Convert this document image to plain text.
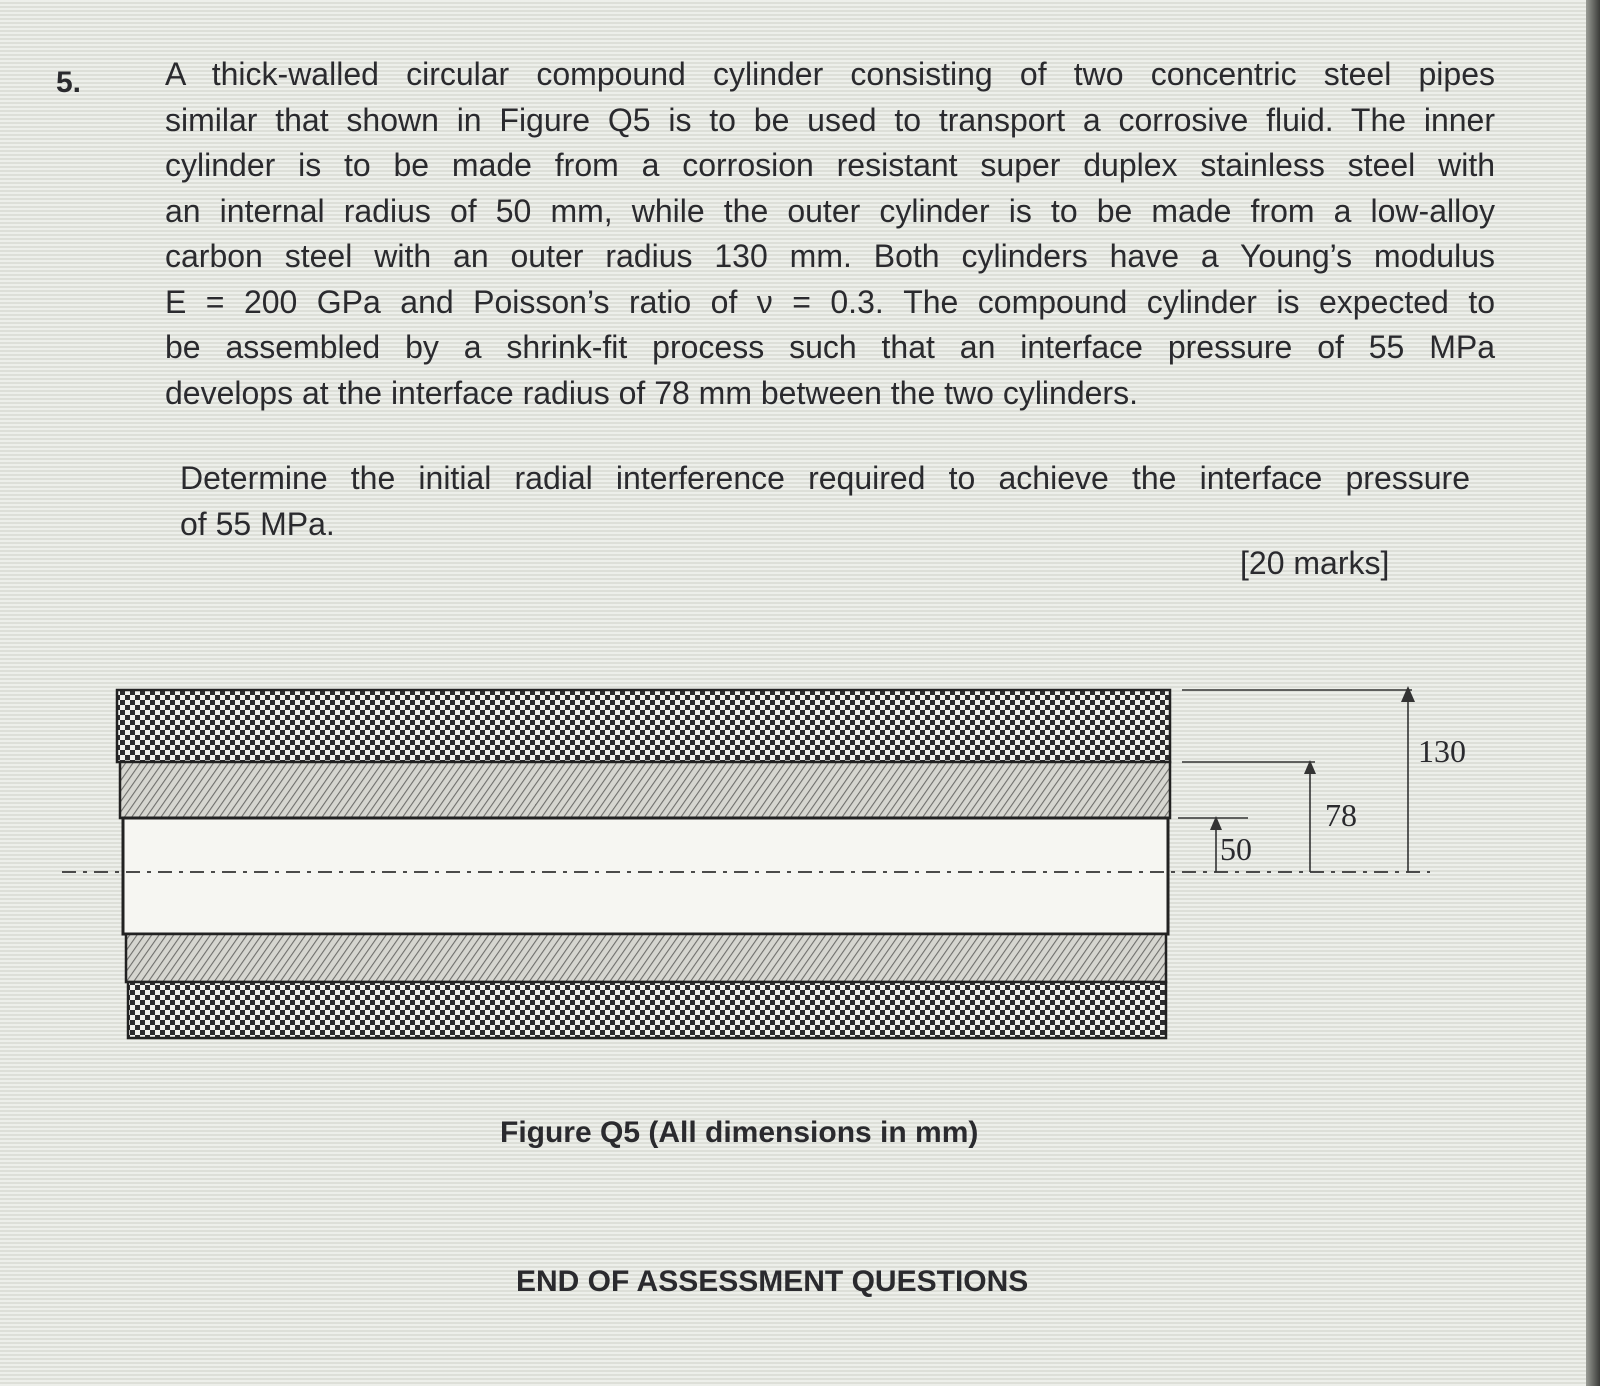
5.	A thick-walled circular compound cylinder consisting of two concentric steel pipes
similar that shown in Figure Q5 is to be used to transport a corrosive fluid. The inner
cylinder is to be made from a corrosion resistant super duplex stainless steel with
an internal radius of 50 mm, while the outer cylinder is to be made from a low-alloy
carbon steel with an outer radius 130 mm. Both cylinders have a Young’s modulus
E = 200 GPa and Poisson’s ratio of ν = 0.3. The compound cylinder is expected to
be assembled by a shrink-fit process such that an interface pressure of 55 MPa
develops at the interface radius of 78 mm between the two cylinders.

Determine the initial radial interference required to achieve the interface pressure
of 55 MPa.

[20 marks]
50
78
130
Figure Q5 (All dimensions in mm)
END OF ASSESSMENT QUESTIONS
